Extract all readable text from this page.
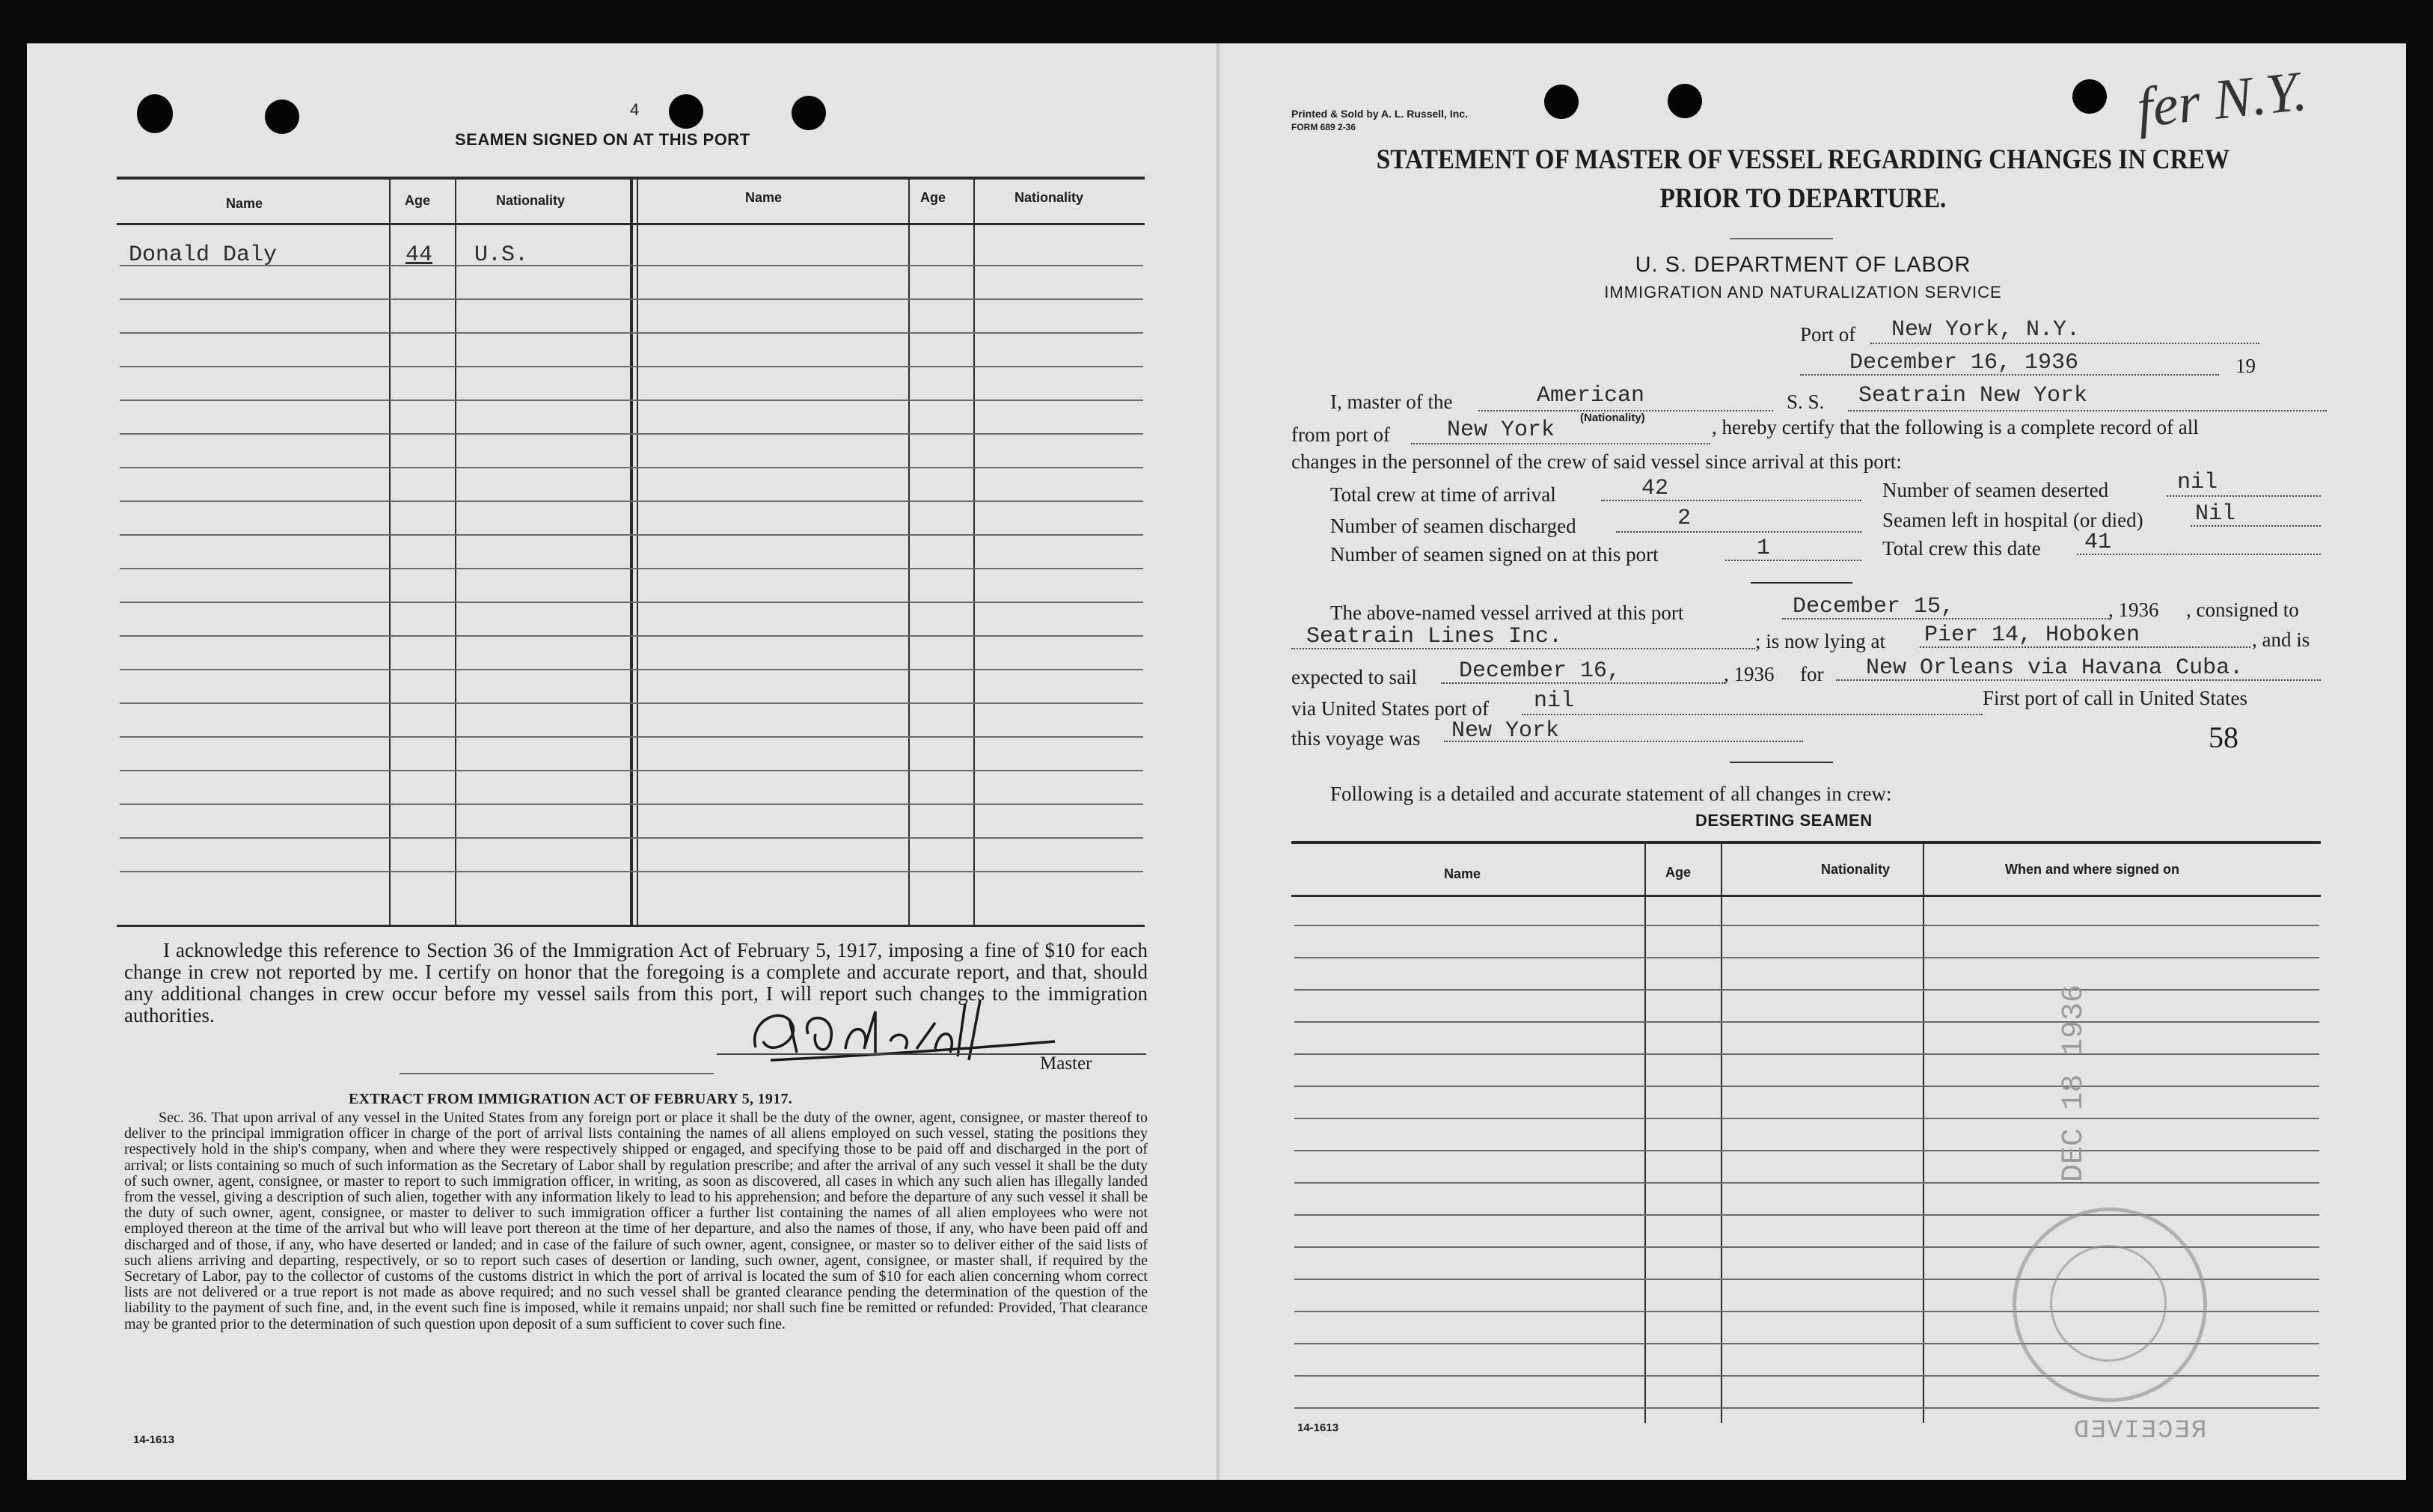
4
SEAMEN SIGNED ON AT THIS PORT
Name	Age	Nationality	Name	Age	Nationality
Donald Daly	44 U.S.
I acknowledge this reference to Section 36 of the Immigration Act of February 5, 1917, imposing a fine of $10 for each change in crew not reported by me. I certify on honor that the foregoing is a complete and accurate report, and that, should any additional changes in crew occur before my vessel sails from this port, I will report such changes to the immigration authorities.
Master
EXTRACT FROM IMMIGRATION ACT OF FEBRUARY 5, 1917.
Sec. 36. That upon arrival of any vessel in the United States from any foreign port or place it shall be the duty of the owner, agent, consignee, or master thereof to deliver to the principal immigration officer in charge of the port of arrival lists containing the names of all aliens employed on such vessel, stating the positions they respectively hold in the ship's company, when and where they were respectively shipped or engaged, and specifying those to be paid off and discharged in the port of arrival; or lists containing so much of such information as the Secretary of Labor shall by regulation prescribe; and after the arrival of any such vessel it shall be the duty of such owner, agent, consignee, or master to report to such immigration officer, in writing, as soon as discovered, all cases in which any such alien has illegally landed from the vessel, giving a description of such alien, together with any information likely to lead to his apprehension; and before the departure of any such vessel it shall be the duty of such owner, agent, consignee, or master to deliver to such immigration officer a further list containing the names of all alien employees who were not employed thereon at the time of the arrival but who will leave port thereon at the time of her departure, and also the names of those, if any, who have been paid off and discharged and of those, if any, who have deserted or landed; and in case of the failure of such owner, agent, consignee, or master so to deliver either of the said lists of such aliens arriving and departing, respectively, or so to report such cases of desertion or landing, such owner, agent, consignee, or master shall, if required by the Secretary of Labor, pay to the collector of customs of the customs district in which the port of arrival is located the sum of $10 for each alien concerning whom correct lists are not delivered or a true report is not made as above required; and no such vessel shall be granted clearance pending the determination of the question of the liability to the payment of such fine, and, in the event such fine is imposed, while it remains unpaid; nor shall such fine be remitted or refunded: Provided, That clearance may be granted prior to the determination of such question upon deposit of a sum sufficient to cover such fine.
14-1613
Printed & Sold by A. L. Russell, Inc.
FORM 689 2-36	fer N.Y.
STATEMENT OF MASTER OF VESSEL REGARDING CHANGES IN CREW
PRIOR TO DEPARTURE.
U. S. DEPARTMENT OF LABOR
IMMIGRATION AND NATURALIZATION SERVICE
Port of New York, N.Y.
December 16, 1936	19
I, master of the	American	S. S. Seatrain New York
(Nationality)
from port of	New York	, hereby certify that the following is a complete record of all
changes in the personnel of the crew of said vessel since arrival at this port:
Total crew at time of arrival	42
Number of seamen discharged	2
Number of seamen signed on at this port	1
Number of seamen deserted	nil
Seamen left in hospital (or died) Nil
Total crew this date 41
The above-named vessel arrived at this port	December 15,	, 1936 , consigned to
Seatrain Lines Inc.	; is now lying at Pier 14, Hoboken	, and is
expected to sail December 16,	, 1936 for New Orleans via Havana Cuba.
via United States port of nil	First port of call in United States
this voyage was New York	58
Following is a detailed and accurate statement of all changes in crew:
DESERTING SEAMEN
Name	Age	Nationality	When and where signed on
DEC 18 1936
14-1613	RECEIVED
